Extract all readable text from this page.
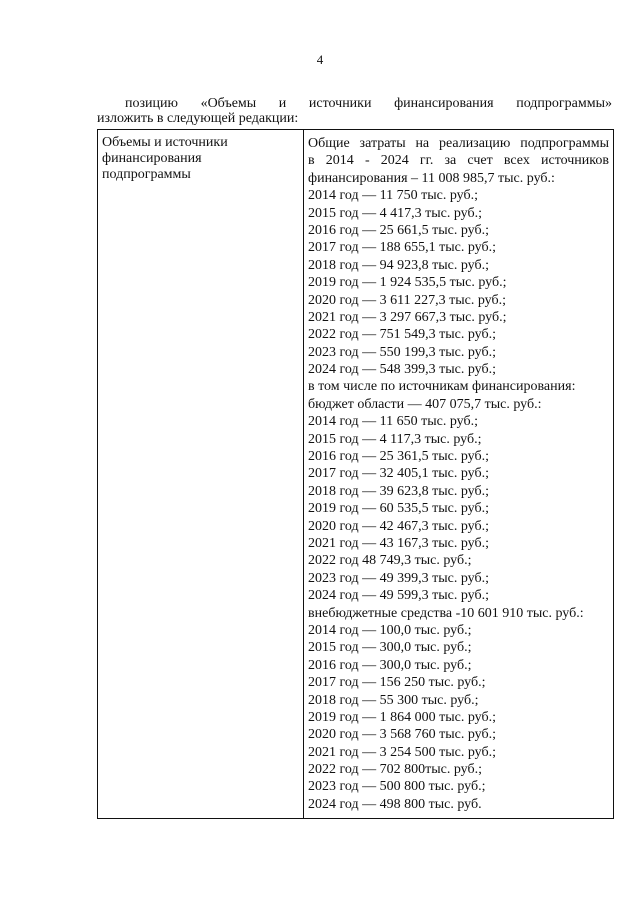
4
позицию «Объемы и источники финансирования подпрограммы»
изложить в следующей редакции:
Объемы и источники
финансирования
подпрограммы
Общие затраты на реализацию подпрограммы
в 2014 - 2024 гг. за счет всех источников
финансирования – 11 008 985,7 тыс. руб.:
2014 год — 11 750 тыс. руб.;
2015 год — 4 417,3 тыс. руб.;
2016 год — 25 661,5 тыс. руб.;
2017 год — 188 655,1 тыс. руб.;
2018 год — 94 923,8 тыс. руб.;
2019 год — 1 924 535,5 тыс. руб.;
2020 год — 3 611 227,3 тыс. руб.;
2021 год — 3 297 667,3 тыс. руб.;
2022 год — 751 549,3 тыс. руб.;
2023 год — 550 199,3 тыс. руб.;
2024 год — 548 399,3 тыс. руб.;
в том числе по источникам финансирования:
бюджет области — 407 075,7 тыс. руб.:
2014 год — 11 650 тыс. руб.;
2015 год — 4 117,3 тыс. руб.;
2016 год — 25 361,5 тыс. руб.;
2017 год — 32 405,1 тыс. руб.;
2018 год — 39 623,8 тыс. руб.;
2019 год — 60 535,5 тыс. руб.;
2020 год — 42 467,3 тыс. руб.;
2021 год — 43 167,3 тыс. руб.;
2022 год 48 749,3 тыс. руб.;
2023 год — 49 399,3 тыс. руб.;
2024 год — 49 599,3 тыс. руб.;
внебюджетные средства -10 601 910 тыс. руб.:
2014 год — 100,0 тыс. руб.;
2015 год — 300,0 тыс. руб.;
2016 год — 300,0 тыс. руб.;
2017 год — 156 250 тыс. руб.;
2018 год — 55 300 тыс. руб.;
2019 год — 1 864 000 тыс. руб.;
2020 год — 3 568 760 тыс. руб.;
2021 год — 3 254 500 тыс. руб.;
2022 год — 702 800тыс. руб.;
2023 год — 500 800 тыс. руб.;
2024 год — 498 800 тыс. руб.
